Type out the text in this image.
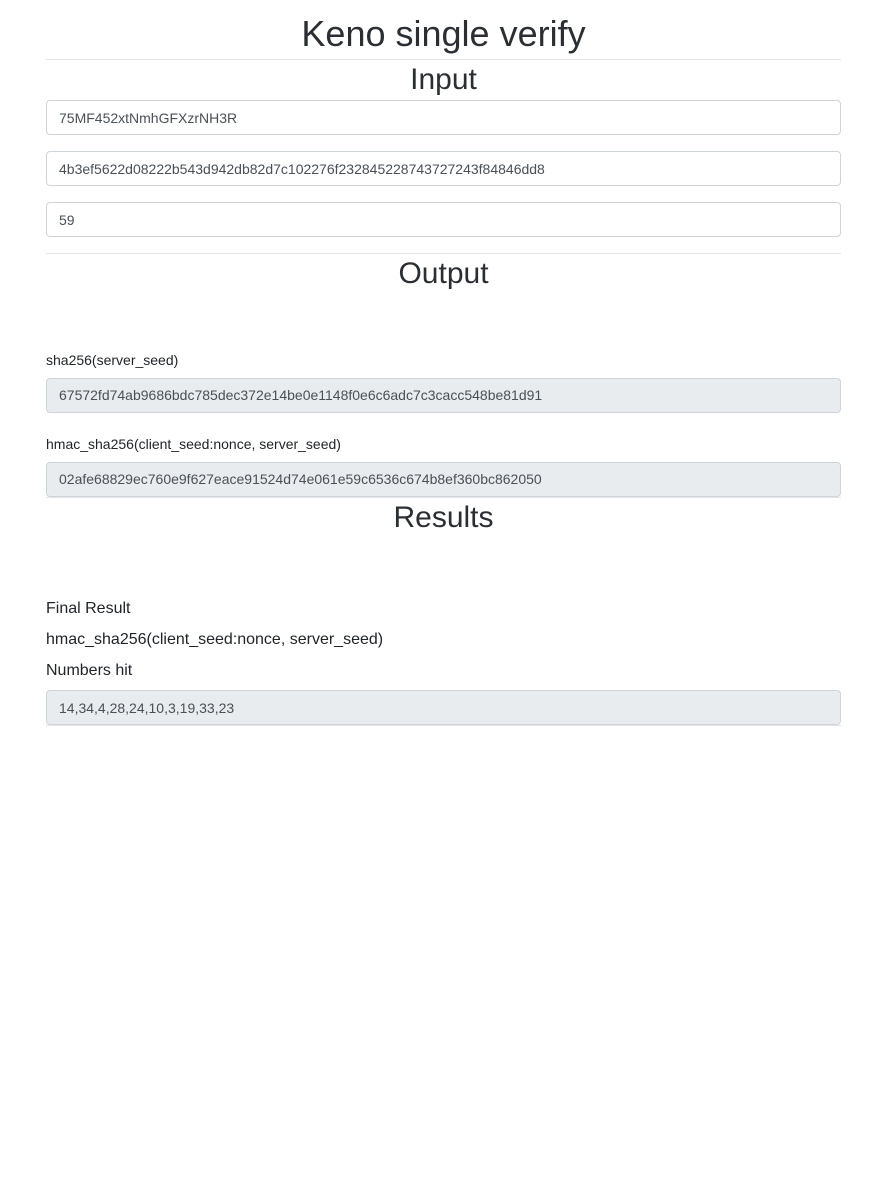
Keno single verify
Input
75MF452xtNmhGFXzrNH3R
4b3ef5622d08222b543d942db82d7c102276f232845228743727243f84846dd8
59
Output

sha256(server_seed)

67572fd74ab9686bdc785dec372e14be0e1148f0e6c6adc7c3cacc548be81d91

hmac_sha256(client_seed:nonce, server_seed)

02afe68829ec760e9f627eace91524d74e061e59c6536c674b8ef360bc862050
Results
Final Result
hmac_sha256(client_seed:nonce, server_seed)
Numbers hit
14,34,4,28,24,10,3,19,33,23
